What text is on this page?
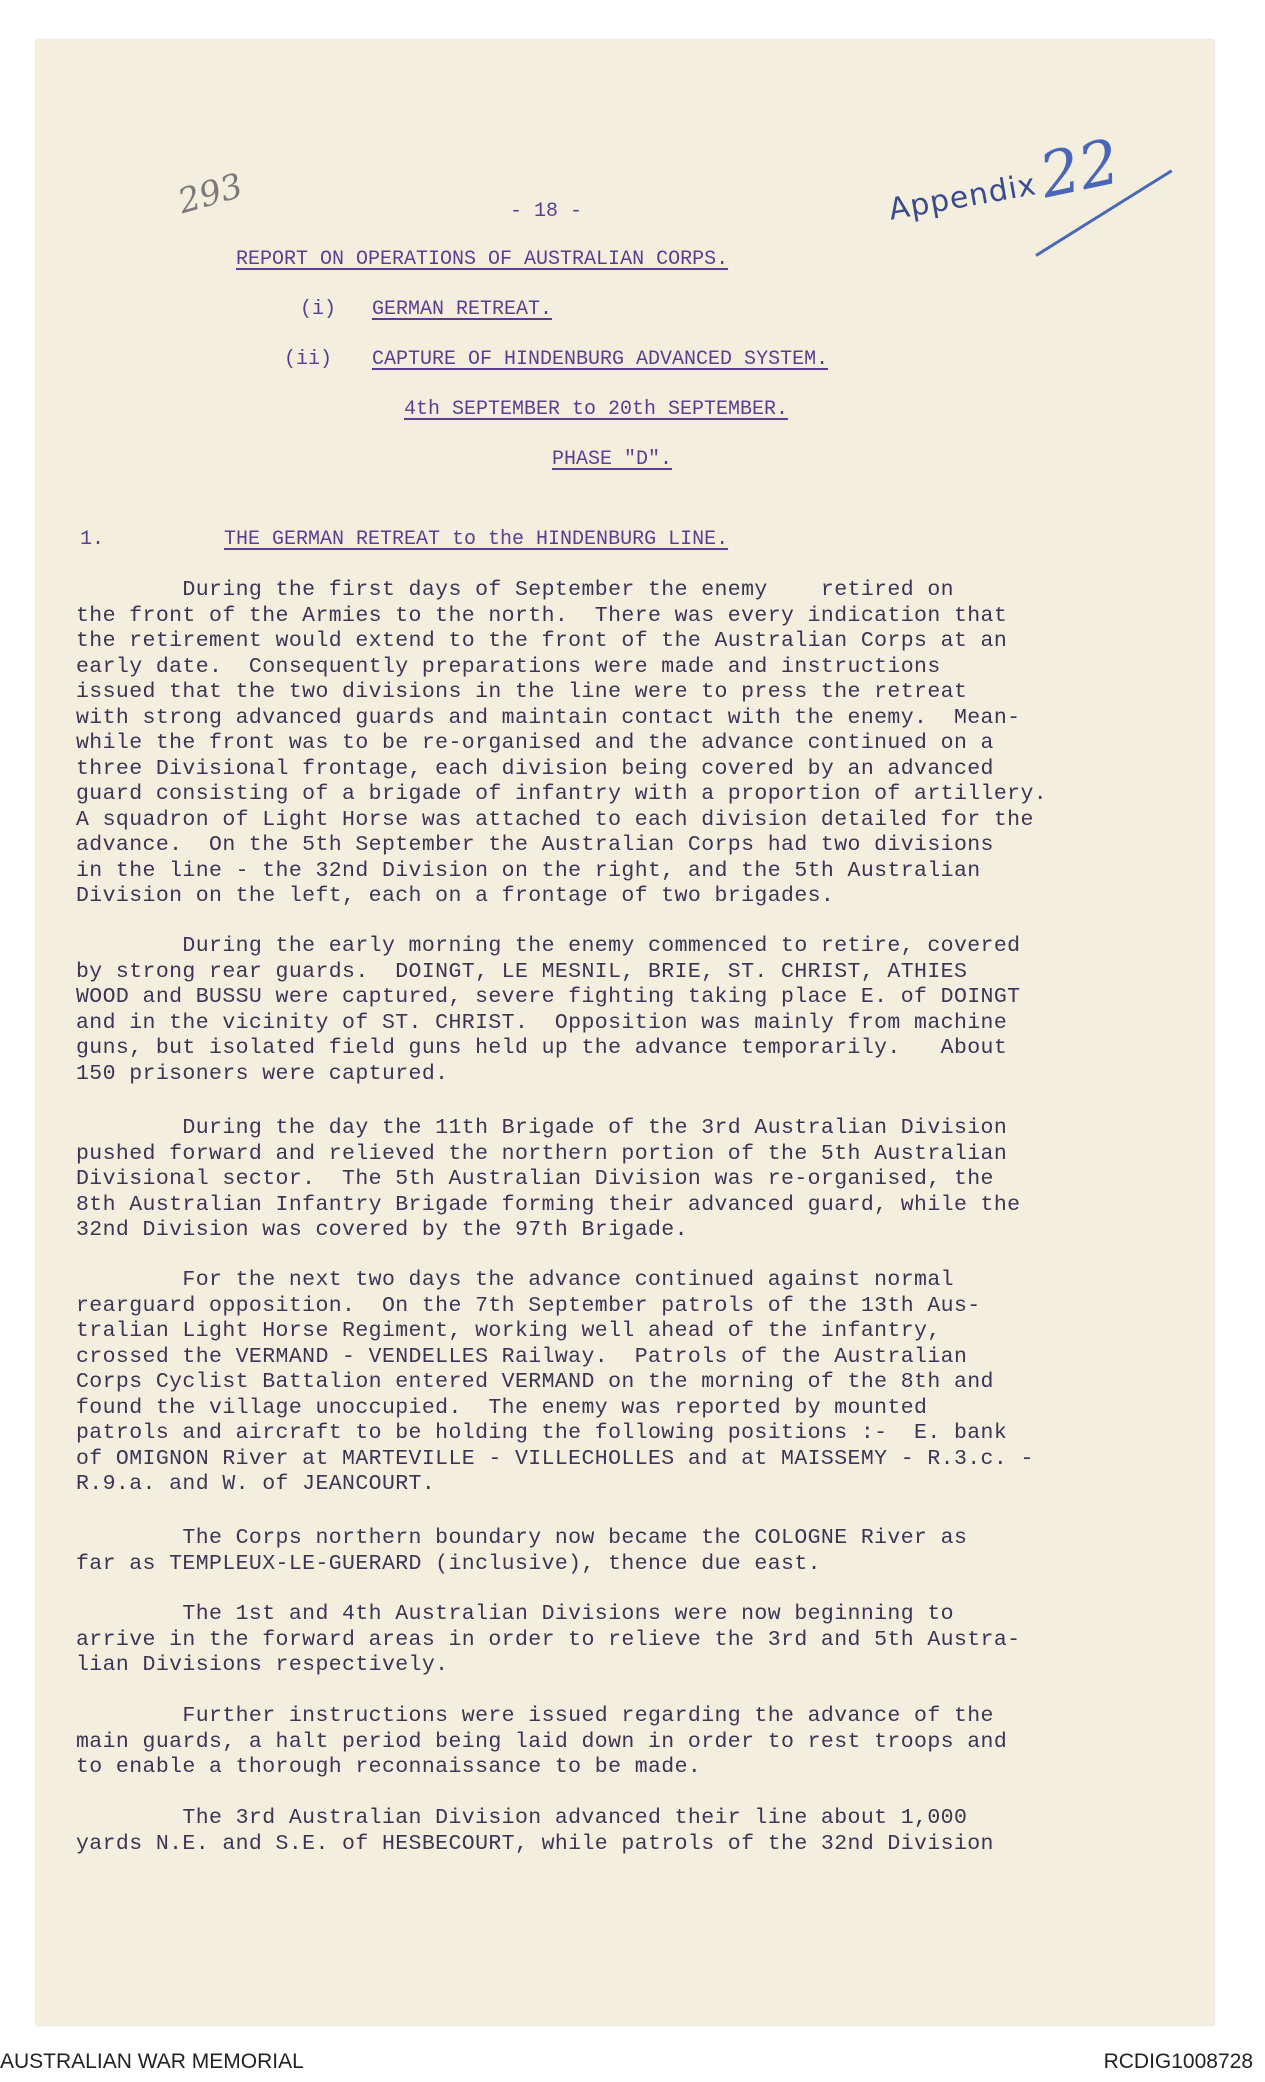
293	Appendix
22
- 18 -
REPORT ON OPERATIONS OF AUSTRALIAN CORPS.
(i) GERMAN RETREAT.
(ii) CAPTURE OF HINDENBURG ADVANCED SYSTEM.
4th SEPTEMBER to 20th SEPTEMBER.
PHASE "D".
1.	THE GERMAN RETREAT to the HINDENBURG LINE.
During the first days of September the enemy    retired on
the front of the Armies to the north.  There was every indication that
the retirement would extend to the front of the Australian Corps at an
early date.  Consequently preparations were made and instructions
issued that the two divisions in the line were to press the retreat
with strong advanced guards and maintain contact with the enemy.  Mean-
while the front was to be re-organised and the advance continued on a
three Divisional frontage, each division being covered by an advanced
guard consisting of a brigade of infantry with a proportion of artillery.
A squadron of Light Horse was attached to each division detailed for the
advance.  On the 5th September the Australian Corps had two divisions
in the line - the 32nd Division on the right, and the 5th Australian
Division on the left, each on a frontage of two brigades.
During the early morning the enemy commenced to retire, covered
by strong rear guards.  DOINGT, LE MESNIL, BRIE, ST. CHRIST, ATHIES
WOOD and BUSSU were captured, severe fighting taking place E. of DOINGT
and in the vicinity of ST. CHRIST.  Opposition was mainly from machine
guns, but isolated field guns held up the advance temporarily.   About
150 prisoners were captured.
During the day the 11th Brigade of the 3rd Australian Division
pushed forward and relieved the northern portion of the 5th Australian
Divisional sector.  The 5th Australian Division was re-organised, the
8th Australian Infantry Brigade forming their advanced guard, while the
32nd Division was covered by the 97th Brigade.
For the next two days the advance continued against normal
rearguard opposition.  On the 7th September patrols of the 13th Aus-
tralian Light Horse Regiment, working well ahead of the infantry,
crossed the VERMAND - VENDELLES Railway.  Patrols of the Australian
Corps Cyclist Battalion entered VERMAND on the morning of the 8th and
found the village unoccupied.  The enemy was reported by mounted
patrols and aircraft to be holding the following positions :-  E. bank
of OMIGNON River at MARTEVILLE - VILLECHOLLES and at MAISSEMY - R.3.c. -
R.9.a. and W. of JEANCOURT.
The Corps northern boundary now became the COLOGNE River as
far as TEMPLEUX-LE-GUERARD (inclusive), thence due east.
The 1st and 4th Australian Divisions were now beginning to
arrive in the forward areas in order to relieve the 3rd and 5th Austra-
lian Divisions respectively.
Further instructions were issued regarding the advance of the
main guards, a halt period being laid down in order to rest troops and
to enable a thorough reconnaissance to be made.
The 3rd Australian Division advanced their line about 1,000
yards N.E. and S.E. of HESBECOURT, while patrols of the 32nd Division
AUSTRALIAN WAR MEMORIAL	RCDIG1008728
